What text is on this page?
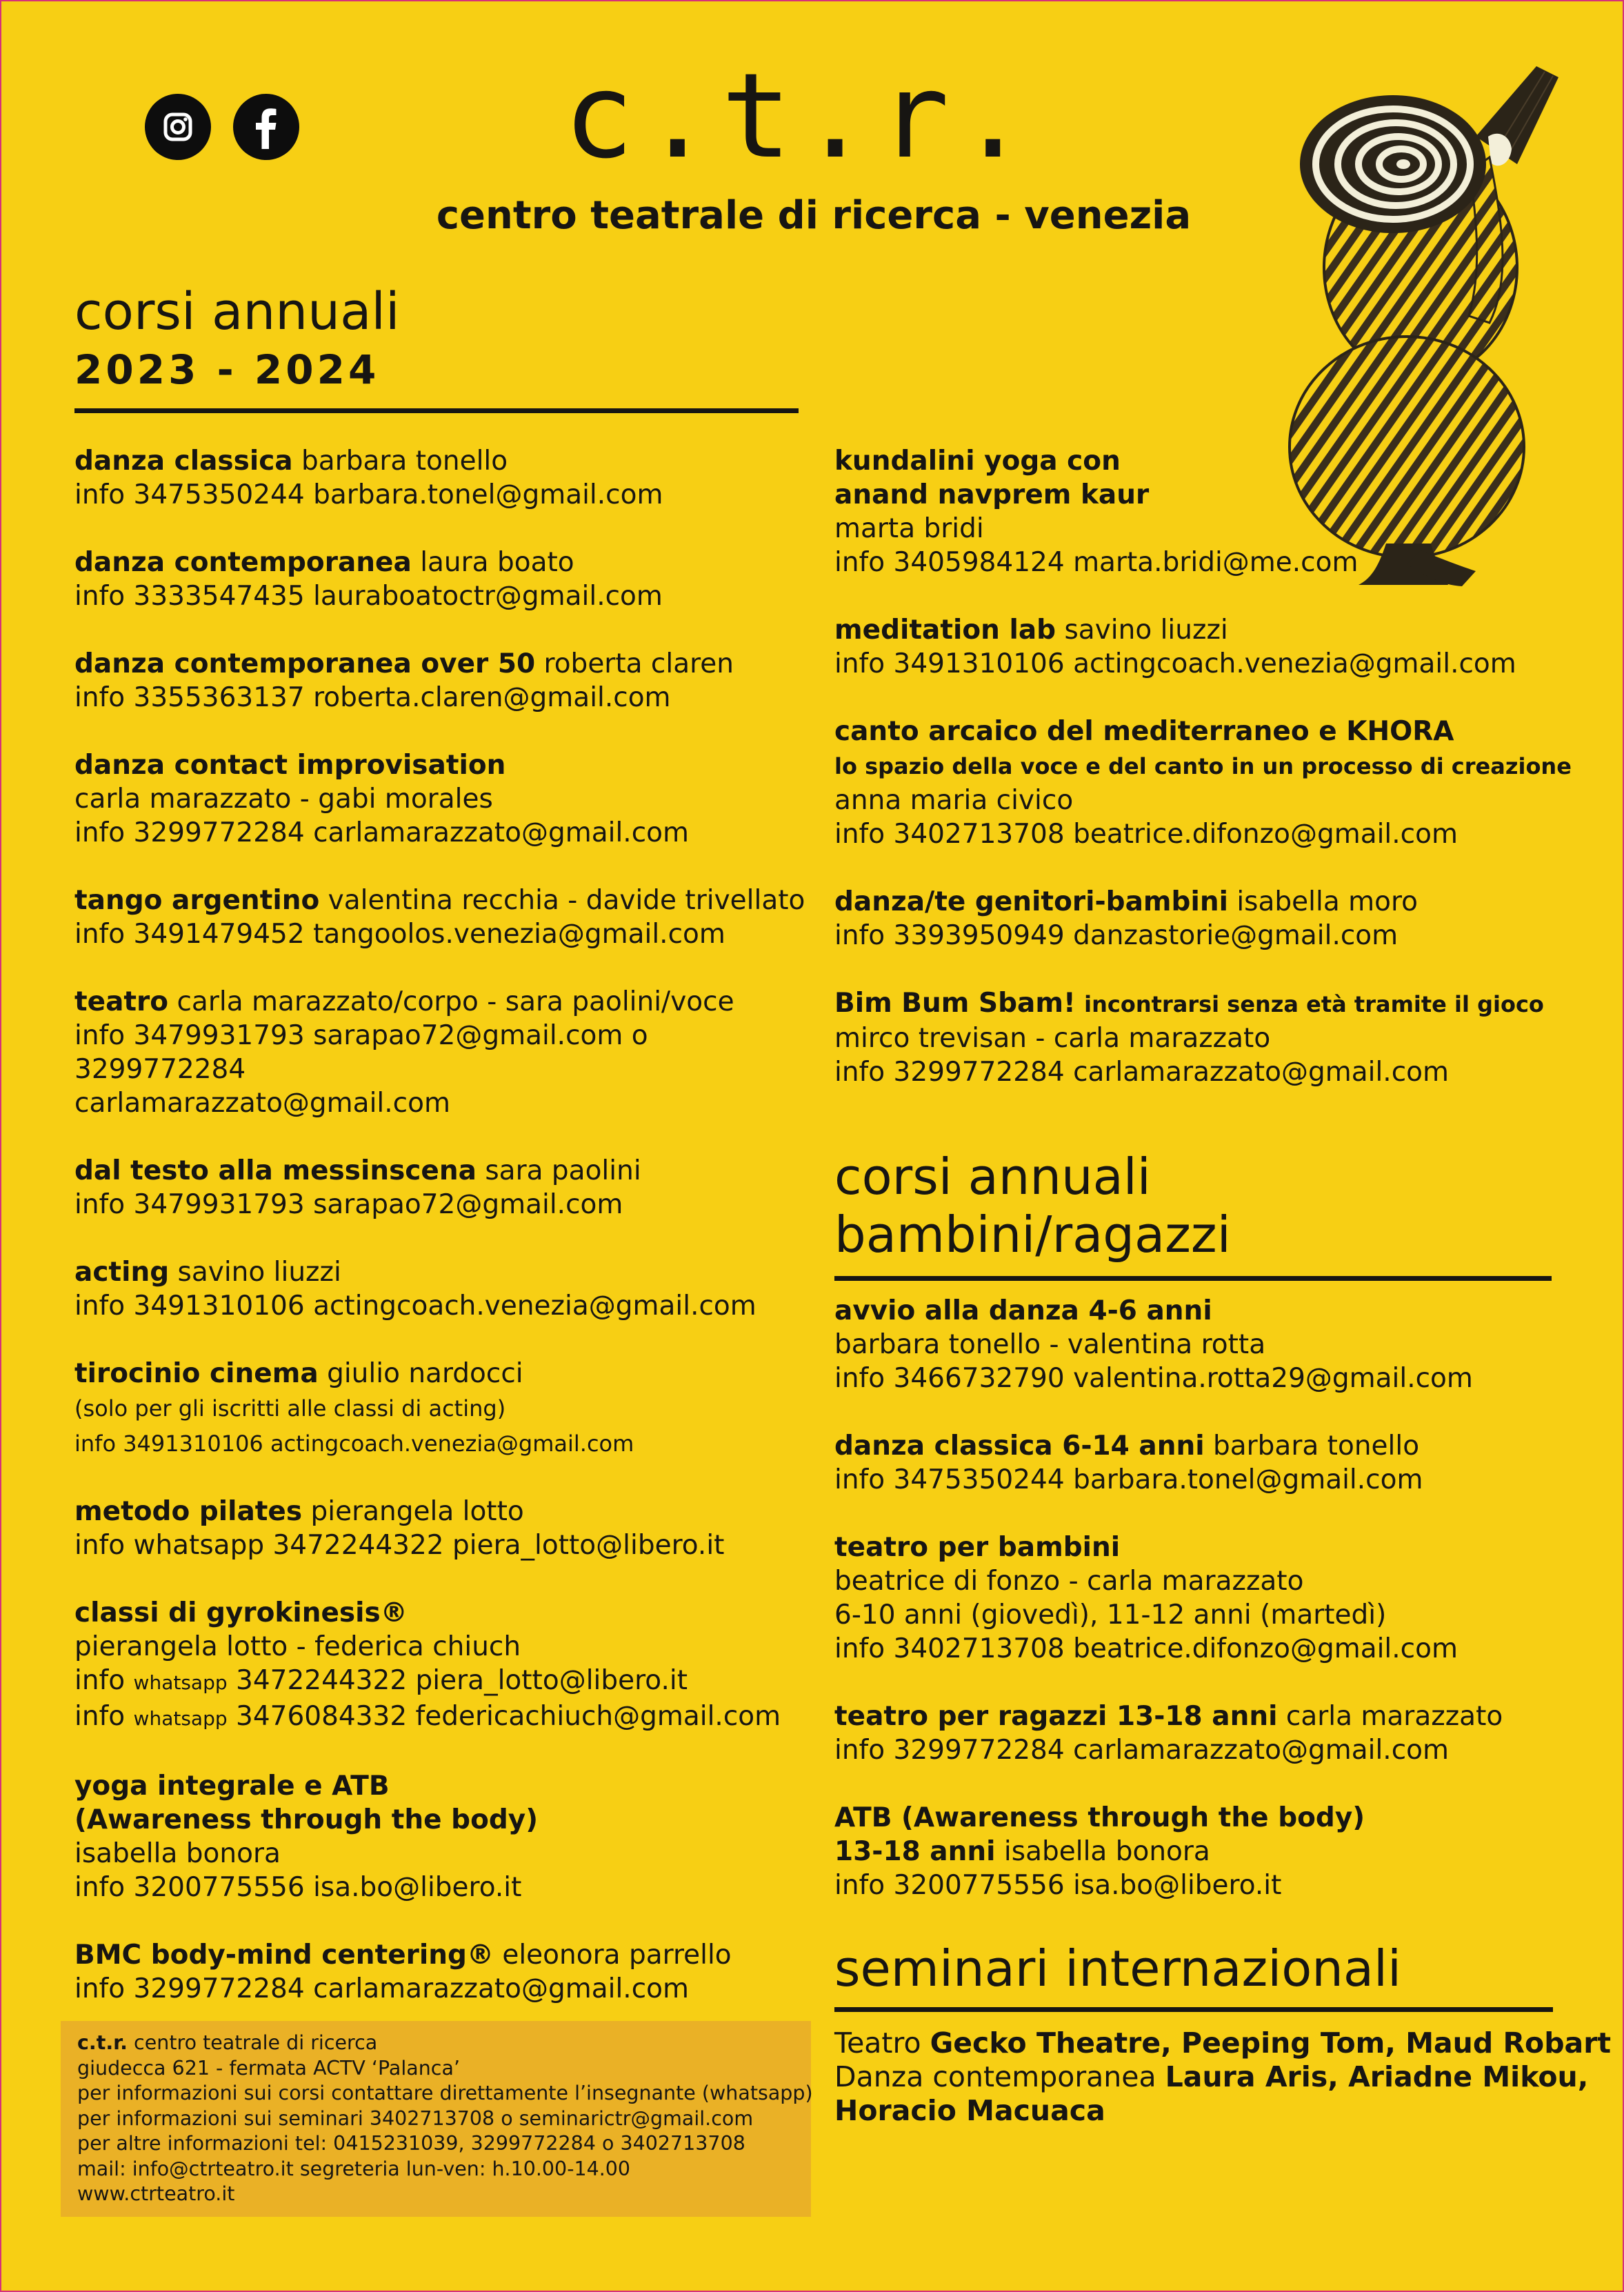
c.t.r.
centro teatrale di ricerca - venezia
corsi annuali
2023 - 2024
danza classica barbara tonello
info 3475350244 barbara.tonel@gmail.com
danza contemporanea laura boato
info 3333547435 lauraboatoctr@gmail.com
danza contemporanea over 50 roberta claren
info 3355363137 roberta.claren@gmail.com
danza contact improvisation
carla marazzato - gabi morales
info 3299772284 carlamarazzato@gmail.com
tango argentino valentina recchia - davide trivellato
info 3491479452 tangoolos.venezia@gmail.com
teatro carla marazzato/corpo - sara paolini/voce
info 3479931793 sarapao72@gmail.com o
3299772284
carlamarazzato@gmail.com
dal testo alla messinscena sara paolini
info 3479931793 sarapao72@gmail.com
acting savino liuzzi
info 3491310106 actingcoach.venezia@gmail.com
tirocinio cinema giulio nardocci
(solo per gli iscritti alle classi di acting)
info 3491310106 actingcoach.venezia@gmail.com
metodo pilates pierangela lotto
info whatsapp 3472244322 piera_lotto@libero.it
classi di gyrokinesis®
pierangela lotto - federica chiuch
info whatsapp 3472244322 piera_lotto@libero.it
info whatsapp 3476084332 federicachiuch@gmail.com
yoga integrale e ATB
(Awareness through the body)
isabella bonora
info 3200775556 isa.bo@libero.it
BMC body-mind centering® eleonora parrello
info 3299772284 carlamarazzato@gmail.com
kundalini yoga con
anand navprem kaur
marta bridi
info 3405984124 marta.bridi@me.com
meditation lab savino liuzzi
info 3491310106 actingcoach.venezia@gmail.com
canto arcaico del mediterraneo e KHORA
lo spazio della voce e del canto in un processo di creazione
anna maria civico
info 3402713708 beatrice.difonzo@gmail.com
danza/te genitori-bambini isabella moro
info 3393950949 danzastorie@gmail.com
Bim Bum Sbam! incontrarsi senza età tramite il gioco
mirco trevisan - carla marazzato
info 3299772284 carlamarazzato@gmail.com
corsi annuali
bambini/ragazzi
avvio alla danza 4-6 anni
barbara tonello - valentina rotta
info 3466732790 valentina.rotta29@gmail.com
danza classica 6-14 anni barbara tonello
info 3475350244 barbara.tonel@gmail.com
teatro per bambini
beatrice di fonzo - carla marazzato
6-10 anni (giovedì), 11-12 anni (martedì)
info 3402713708 beatrice.difonzo@gmail.com
teatro per ragazzi 13-18 anni carla marazzato
info 3299772284 carlamarazzato@gmail.com
ATB (Awareness through the body)
13-18 anni isabella bonora
info 3200775556 isa.bo@libero.it
seminari internazionali
Teatro Gecko Theatre, Peeping Tom, Maud Robart
Danza contemporanea Laura Aris, Ariadne Mikou,
Horacio Macuaca
c.t.r. centro teatrale di ricerca
giudecca 621 - fermata ACTV ‘Palanca’
per informazioni sui corsi contattare direttamente l’insegnante (whatsapp)
per informazioni sui seminari 3402713708 o seminarictr@gmail.com
per altre informazioni tel: 0415231039, 3299772284 o 3402713708
mail: info@ctrteatro.it segreteria lun-ven: h.10.00-14.00
www.ctrteatro.it
